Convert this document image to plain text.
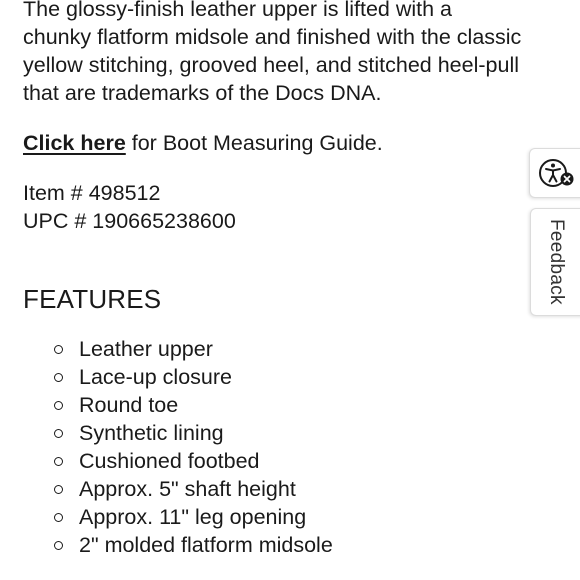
The glossy-finish leather upper is lifted with a chunky flatform midsole and finished with the classic yellow stitching, grooved heel, and stitched heel-pull that are trademarks of the Docs DNA.

Click here for Boot Measuring Guide.

Item # 498512
UPC # 190665238600
FEATURES
Leather upper
Lace-up closure
Round toe
Synthetic lining
Cushioned footbed
Approx. 5" shaft height
Approx. 11" leg opening
2" molded flatform midsole
Feedback
